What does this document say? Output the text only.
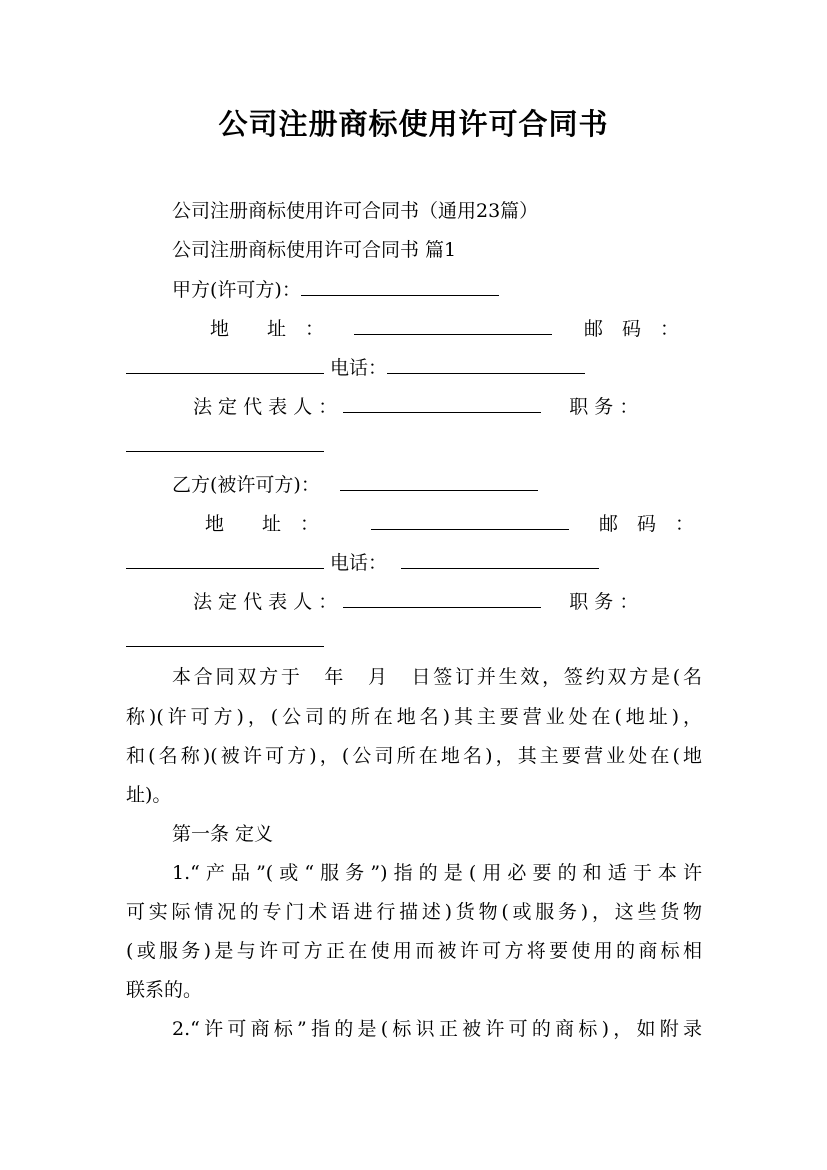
公司注册商标使用许可合同书

公司注册商标使用许可合同书（通用23篇）

公司注册商标使用许可合同书 篇1

甲方(许可方)：

地　　址　：	邮　码　：

电话：

法 定 代 表 人 ：	职 务 ：

乙方(被许可方)：

地　　址　：	邮　码　：

电话：

法 定 代 表 人 ：	职 务 ：

本合同双方于　年　月　日签订并生效，签约双方是(名

称)(许可方)，(公司的所在地名)其主要营业处在(地址)，

和(名称)(被许可方)，(公司所在地名)，其主要营业处在(地

址)。

第一条 定义

1.“产品”(或“服务”)指的是(用必要的和适于本许

可实际情况的专门术语进行描述)货物(或服务)，这些货物

(或服务)是与许可方正在使用而被许可方将要使用的商标相

联系的。

2.“许可商标”指的是(标识正被许可的商标)，如附录
